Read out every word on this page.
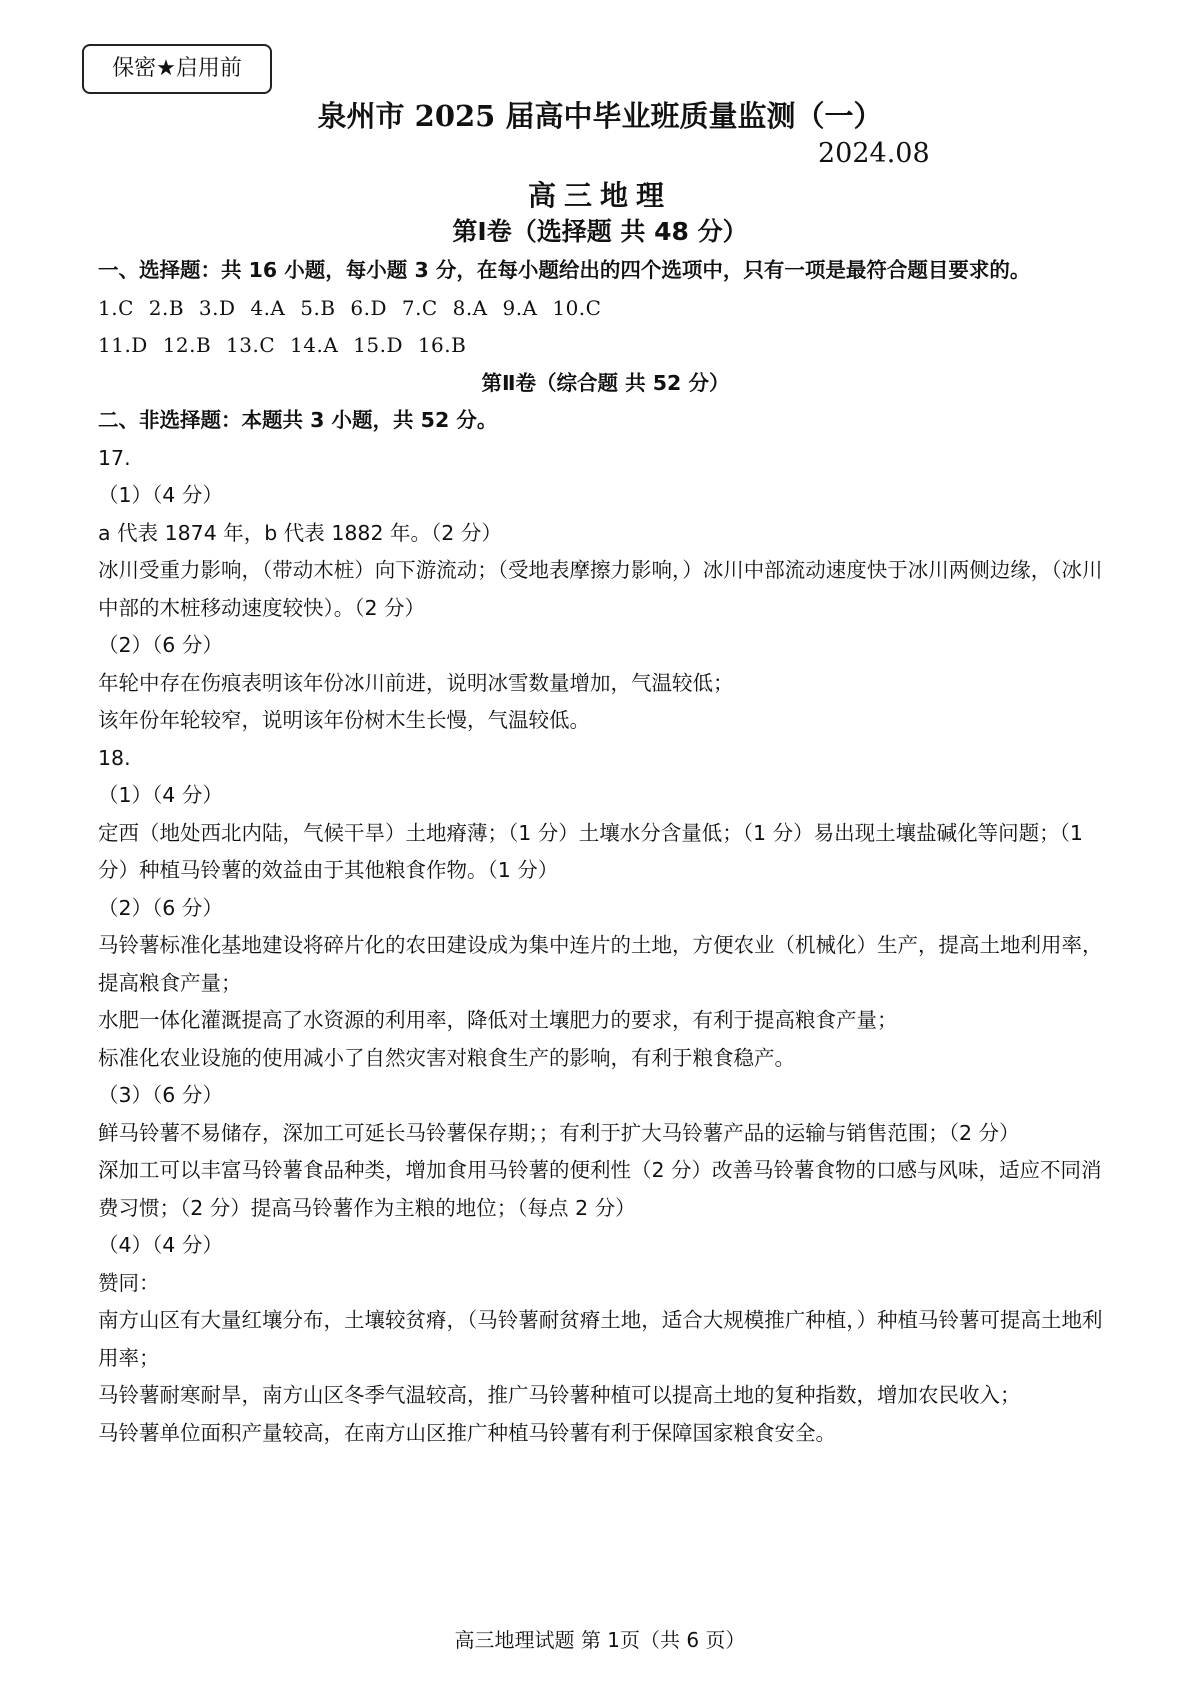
保密★启用前
泉州市 2025 届高中毕业班质量监测（一）
2024.08
高三地理
第Ⅰ卷（选择题 共 48 分）

一、选择题：共 16 小题，每小题 3 分，在每小题给出的四个选项中，只有一项是最符合题目要求的。

1.C 2.B 3.D 4.A 5.B 6.D 7.C 8.A 9.A 10.C

11.D 12.B 13.C 14.A 15.D 16.B

第Ⅱ卷（综合题 共 52 分）

二、非选择题：本题共 3 小题，共 52 分。

17.

（1）（4 分）

a 代表 1874 年，b 代表 1882 年。（2 分）

冰川受重力影响，（带动木桩）向下游流动；（受地表摩擦力影响，）冰川中部流动速度快于冰川两侧边缘，（冰川中部的木桩移动速度较快）。（2 分）

（2）（6 分）

年轮中存在伤痕表明该年份冰川前进，说明冰雪数量增加，气温较低；

该年份年轮较窄，说明该年份树木生长慢，气温较低。

18.

（1）（4 分）

定西（地处西北内陆，气候干旱）土地瘠薄；（1 分）土壤水分含量低；（1 分）易出现土壤盐碱化等问题；（1 分）种植马铃薯的效益由于其他粮食作物。（1 分）

（2）（6 分）

马铃薯标准化基地建设将碎片化的农田建设成为集中连片的土地，方便农业（机械化）生产，提高土地利用率，提高粮食产量；

水肥一体化灌溉提高了水资源的利用率，降低对土壤肥力的要求，有利于提高粮食产量；

标准化农业设施的使用减小了自然灾害对粮食生产的影响，有利于粮食稳产。

（3）（6 分）

鲜马铃薯不易储存，深加工可延长马铃薯保存期；；有利于扩大马铃薯产品的运输与销售范围；（2 分）

深加工可以丰富马铃薯食品种类，增加食用马铃薯的便利性（2 分）改善马铃薯食物的口感与风味，适应不同消费习惯；（2 分）提高马铃薯作为主粮的地位；（每点 2 分）

（4）（4 分）

赞同：

南方山区有大量红壤分布，土壤较贫瘠，（马铃薯耐贫瘠土地，适合大规模推广种植，）种植马铃薯可提高土地利用率；

马铃薯耐寒耐旱，南方山区冬季气温较高，推广马铃薯种植可以提高土地的复种指数，增加农民收入；

马铃薯单位面积产量较高，在南方山区推广种植马铃薯有利于保障国家粮食安全。

高三地理试题 第 1页（共 6 页）
